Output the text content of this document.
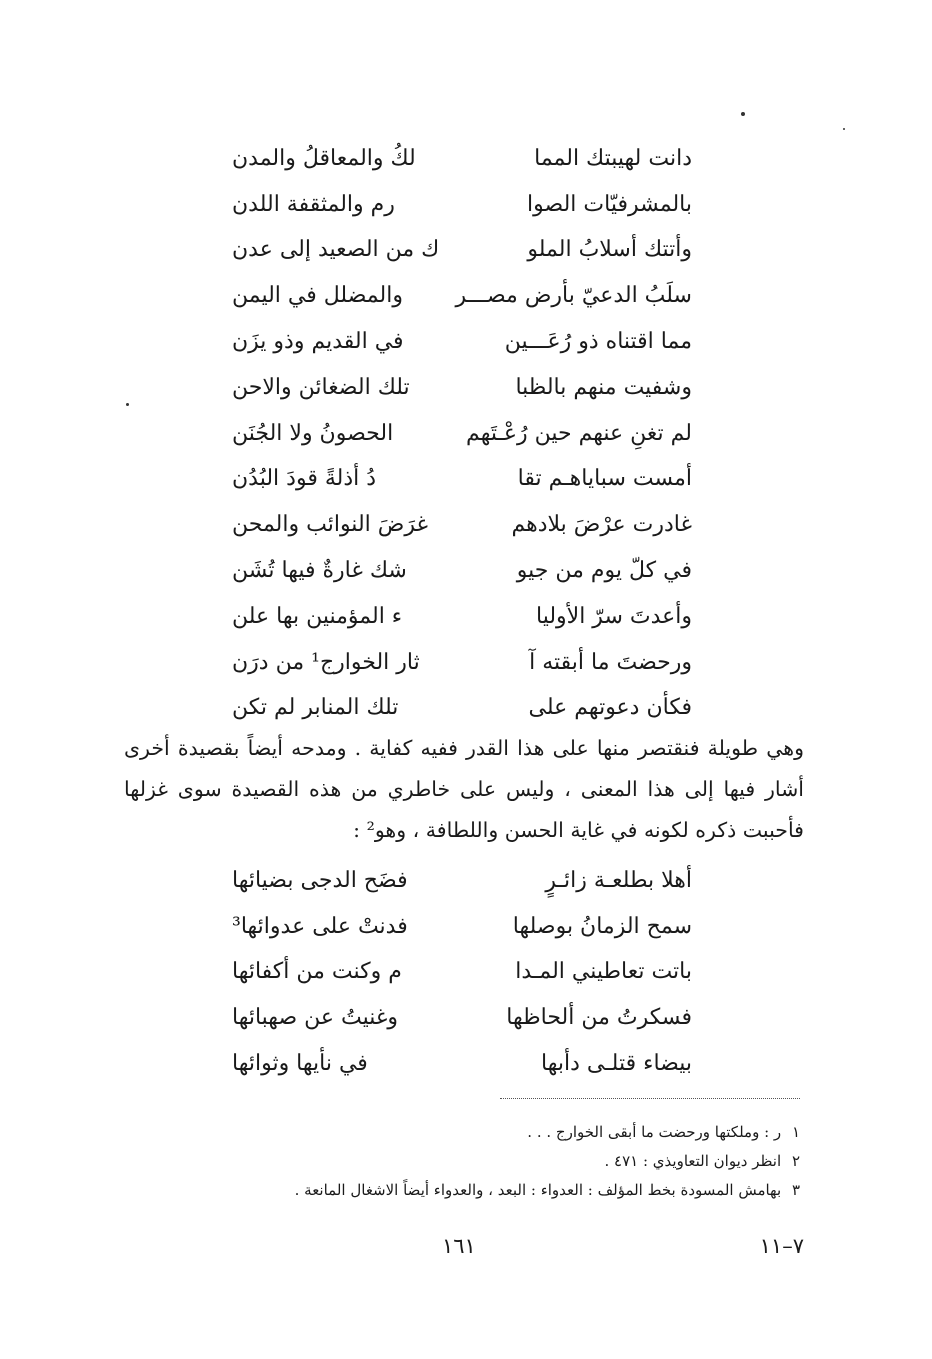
دانت لهيبتك المما
لكُ والمعاقلُ والمدن
بالمشرفيّات الصوا
رم والمثقفة اللدن
وأتتك أسلابُ الملو
ك من الصعيد إلى عدن
سلَبُ الدعيّ بأرض مصـــر
والمضلل في اليمن
مما اقتناه ذو رُعَـــين
في القديم وذو يزَن
وشفيت منهم بالظبا
تلك الضغائن والاحن
لم تغنِ عنهم حين رُعْـتَهم
الحصونُ ولا الجُنَن
أمست سباياهـم تقا
دُ أذلةً قودَ البُدُن
غادرت عرْضَ بلادهم
غرَضَ النوائب والمحن
في كلّ يوم من جيو
شك غارةٌ فيها تُشَن
وأعدتَ سرّ الأوليا
ء المؤمنين بها علن
ورحضتَ ما أبقته آ
ثار الخوارج¹ من درَن
فكأن دعوتهم على
تلك المنابر لم تكن

وهي طويلة فنقتصر منها على هذا القدر ففيه كفاية . ومدحه أيضاً بقصيدة أخرى أشار فيها إلى هذا المعنى ، وليس على خاطري من هذه القصيدة سوى غزلها فأحببت ذكره لكونه في غاية الحسن واللطافة ، وهو² :

أهلا بطلعـة زائـرٍ
فضَح الدجى بضيائها
سمح الزمانُ بوصلها
فدنتْ على عدوائها³
باتت تعاطيني المـدا
م وكنت من أكفائها
فسكرتُ من ألحاظها
وغنيتُ عن صهبائها
بيضاء قتلـى دأبها
في نأيها وثوائها
١ ر : وملكتها ورحضت ما أبقى الخوارج . . .
٢ انظر ديوان التعاويذي : ٤٧١ .
٣ بهامش المسودة بخط المؤلف : العدواء : البعد ، والعدواء أيضاً الاشغال المانعة .
٧–١١
١٦١
